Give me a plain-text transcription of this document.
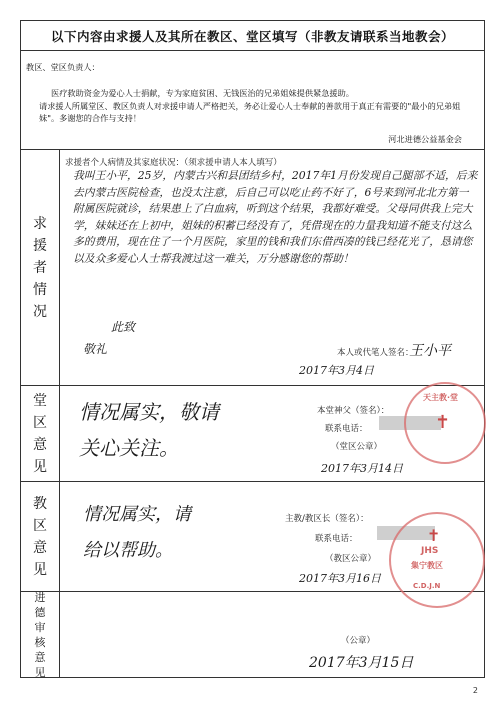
以下内容由求援人及其所在教区、堂区填写（非教友请联系当地教会）
教区、堂区负责人：
医疗救助资金为爱心人士捐献，专为家庭贫困、无钱医治的兄弟姐妹提供紧急援助。
请求援人所属堂区、教区负责人对求援申请人严格把关，务必让爱心人士奉献的善款用于真正有需要的"最小的兄弟姐妹"。多谢您的合作与支持！
河北进德公益基金会
求
援
者
情
况
求援者个人病情及其家庭状况：（须求援申请人本人填写）
我叫王小平，25岁，内蒙古兴和县团结乡村，2017年1月份发现自己腿部不适，后来去内蒙古医院检查，也没太注意，后自己可以吃止药不好了，6号来到河北北方第一附属医院就诊，结果患上了白血病，听到这个结果，我都好难受。父母同供我上完大学，妹妹还在上初中，姐妹的积蓄已经没有了，凭借现在的力量我知道不能支付这么多的费用，现在住了一个月医院，家里的钱和我们东借西凑的钱已经花光了，恳请您以及众多爱心人士帮我渡过这一难关，万分感谢您的帮助！
此致
敬礼	本人或代笔人签名：
王小平
2017年3月4日
堂
区
意
见
情况属实，敬请
关心关注。
本堂神父（签名）：
联系电话：
（堂区公章）
2017年3月14日
天主教·堂
✝
教
区
意
见
情况属实，请
给以帮助。
主教/教区长（签名）：
联系电话：
（教区公章）
2017年3月16日
✝
JHS
集宁教区
C.D.J.N
进
德
审
核
意
见
（公章）
2017年3月15日
2
